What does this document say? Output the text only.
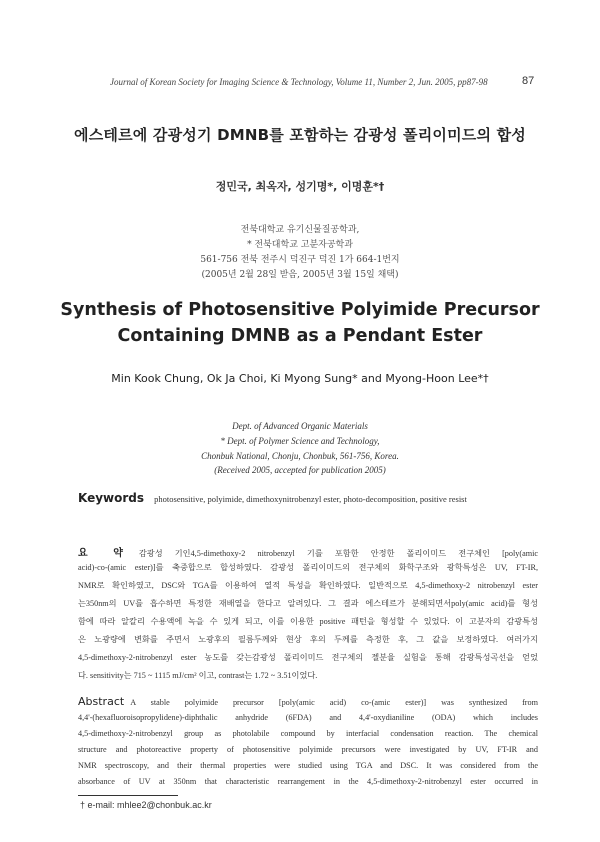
Journal of Korean Society for Imaging Science & Technology, Volume 11, Number 2, Jun. 2005, pp87-98	87
에스테르에 감광성기 DMNB를 포함하는 감광성 폴리이미드의 합성
정민국, 최옥자, 성기명*, 이명훈*†
전북대학교 유기신물질공학과,
* 전북대학교 고분자공학과
561-756 전북 전주시 덕진구 덕진 1가 664-1번지
(2005년 2월 28일 받음, 2005년 3월 15일 채택)
Synthesis of Photosensitive Polyimide Precursor
Containing DMNB as a Pendant Ester
Min Kook Chung, Ok Ja Choi, Ki Myong Sung* and Myong-Hoon Lee*†
Dept. of Advanced Organic Materials
* Dept. of Polymer Science and Technology,
Chonbuk National, Chonju, Chonbuk, 561-756, Korea.
(Received 2005, accepted for publication 2005)
Keywords photosensitive, polyimide, dimethoxynitrobenzyl ester, photo-decomposition, positive resist
요 약 감광성 기인4,5-dimethoxy-2 nitrobenzyl 기를 포함한 안정한 폴리이미드 전구체인 [poly(amic
acid)-co-(amic ester)]를 축중합으로 합성하였다. 감광성 폴리이미드의 전구체의 화학구조와 광학특성은 UV, FT-IR,
NMR로 확인하였고, DSC와 TGA를 이용하여 열적 특성을 확인하였다. 일반적으로 4,5-dimethoxy-2 nitrobenzyl ester
는350nm의 UV를 흡수하면 특정한 재배열을 한다고 알려있다. 그 결과 에스테르가 분해되면서poly(amic acid)를 형성
함에 따라 알칼리 수용액에 녹을 수 있게 되고, 이를 이용한 positive 패턴을 형성할 수 있었다. 이 고분자의 감광특성
은 노광량에 변화를 주면서 노광후의 필름두께와 현상 후의 두께를 측정한 후, 그 값을 보정하였다. 여러가지
4,5-dimethoxy-2-nitrobenzyl ester 농도를 갖는감광성 폴리이미드 전구체의 젤분율 실험을 통해 감광특성곡선을 얻었
다. sensitivity는 715 ~ 1115 mJ/cm² 이고, contrast는 1.72 ~ 3.51이었다.
Abstract A stable polyimide precursor [poly(amic acid) co-(amic ester)] was synthesized from
4,4'-(hexafluoroisopropylidene)-diphthalic anhydride (6FDA) and 4,4'-oxydianiline (ODA) which includes
4,5-dimethoxy-2-nitrobenzyl group as photolabile compound by interfacial condensation reaction. The chemical
structure and photoreactive property of photosensitive polyimide precursors were investigated by UV, FT-IR and
NMR spectroscopy, and their thermal properties were studied using TGA and DSC. It was considered from the
absorbance of UV at 350nm that characteristic rearrangement in the 4,5-dimethoxy-2-nitrobenzyl ester occurred in
† e-mail: mhlee2@chonbuk.ac.kr
